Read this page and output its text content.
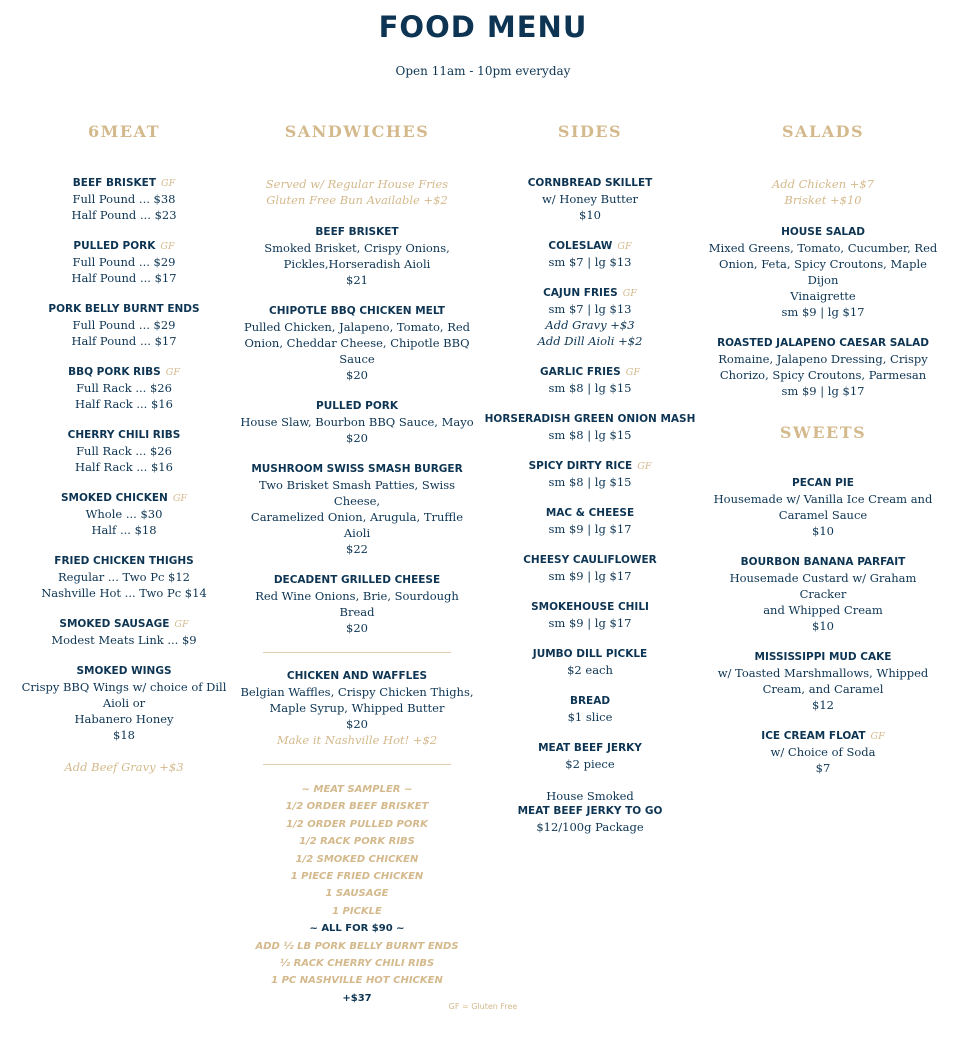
FOOD MENU
Open 11am - 10pm everyday
6MEAT
BEEF BRISKET GF
Full Pound ... $38
Half Pound ... $23
PULLED PORK GF
Full Pound ... $29
Half Pound ... $17
PORK BELLY BURNT ENDS
Full Pound ... $29
Half Pound ... $17
BBQ PORK RIBS GF
Full Rack ... $26
Half Rack ... $16
CHERRY CHILI RIBS
Full Rack ... $26
Half Rack ... $16
SMOKED CHICKEN GF
Whole ... $30
Half ... $18
FRIED CHICKEN THIGHS
Regular ... Two Pc $12
Nashville Hot ... Two Pc $14
SMOKED SAUSAGE GF
Modest Meats Link ... $9
SMOKED WINGS
Crispy BBQ Wings w/ choice of Dill Aioli or
Habanero Honey
$18
Add Beef Gravy +$3
SANDWICHES
Served w/ Regular House Fries
Gluten Free Bun Available +$2
BEEF BRISKET
Smoked Brisket, Crispy Onions,
Pickles,Horseradish Aioli
$21
CHIPOTLE BBQ CHICKEN MELT
Pulled Chicken, Jalapeno, Tomato, Red
Onion, Cheddar Cheese, Chipotle BBQ
Sauce
$20
PULLED PORK
House Slaw, Bourbon BBQ Sauce, Mayo
$20
MUSHROOM SWISS SMASH BURGER
Two Brisket Smash Patties, Swiss Cheese,
Caramelized Onion, Arugula, Truffle Aioli
$22
DECADENT GRILLED CHEESE
Red Wine Onions, Brie, Sourdough Bread
$20
CHICKEN AND WAFFLES
Belgian Waffles, Crispy Chicken Thighs,
Maple Syrup, Whipped Butter
$20
Make it Nashville Hot! +$2
~ MEAT SAMPLER ~
1/2 ORDER BEEF BRISKET
1/2 ORDER PULLED PORK
1/2 RACK PORK RIBS
1/2 SMOKED CHICKEN
1 PIECE FRIED CHICKEN
1 SAUSAGE
1 PICKLE
~ ALL FOR $90 ~
ADD ½ LB PORK BELLY BURNT ENDS
½ RACK CHERRY CHILI RIBS
1 PC NASHVILLE HOT CHICKEN
+$37
SIDES
CORNBREAD SKILLET
w/ Honey Butter
$10
COLESLAW GF
sm $7 | lg $13
CAJUN FRIES GF
sm $7 | lg $13
Add Gravy +$3
Add Dill Aioli +$2
GARLIC FRIES GF
sm $8 | lg $15
HORSERADISH GREEN ONION MASH
sm $8 | lg $15
SPICY DIRTY RICE GF
sm $8 | lg $15
MAC & CHEESE
sm $9 | lg $17
CHEESY CAULIFLOWER
sm $9 | lg $17
SMOKEHOUSE CHILI
sm $9 | lg $17
JUMBO DILL PICKLE
$2 each
BREAD
$1 slice
MEAT BEEF JERKY
$2 piece
House Smoked
MEAT BEEF JERKY TO GO
$12/100g Package
SALADS
Add Chicken +$7
Brisket +$10
HOUSE SALAD
Mixed Greens, Tomato, Cucumber, Red
Onion, Feta, Spicy Croutons, Maple Dijon
Vinaigrette
sm $9 | lg $17
ROASTED JALAPENO CAESAR SALAD
Romaine, Jalapeno Dressing, Crispy
Chorizo, Spicy Croutons, Parmesan
sm $9 | lg $17
SWEETS
PECAN PIE
Housemade w/ Vanilla Ice Cream and
Caramel Sauce
$10
BOURBON BANANA PARFAIT
Housemade Custard w/ Graham Cracker
and Whipped Cream
$10
MISSISSIPPI MUD CAKE
w/ Toasted Marshmallows, Whipped
Cream, and Caramel
$12
ICE CREAM FLOAT GF
w/ Choice of Soda
$7
GF = Gluten Free
